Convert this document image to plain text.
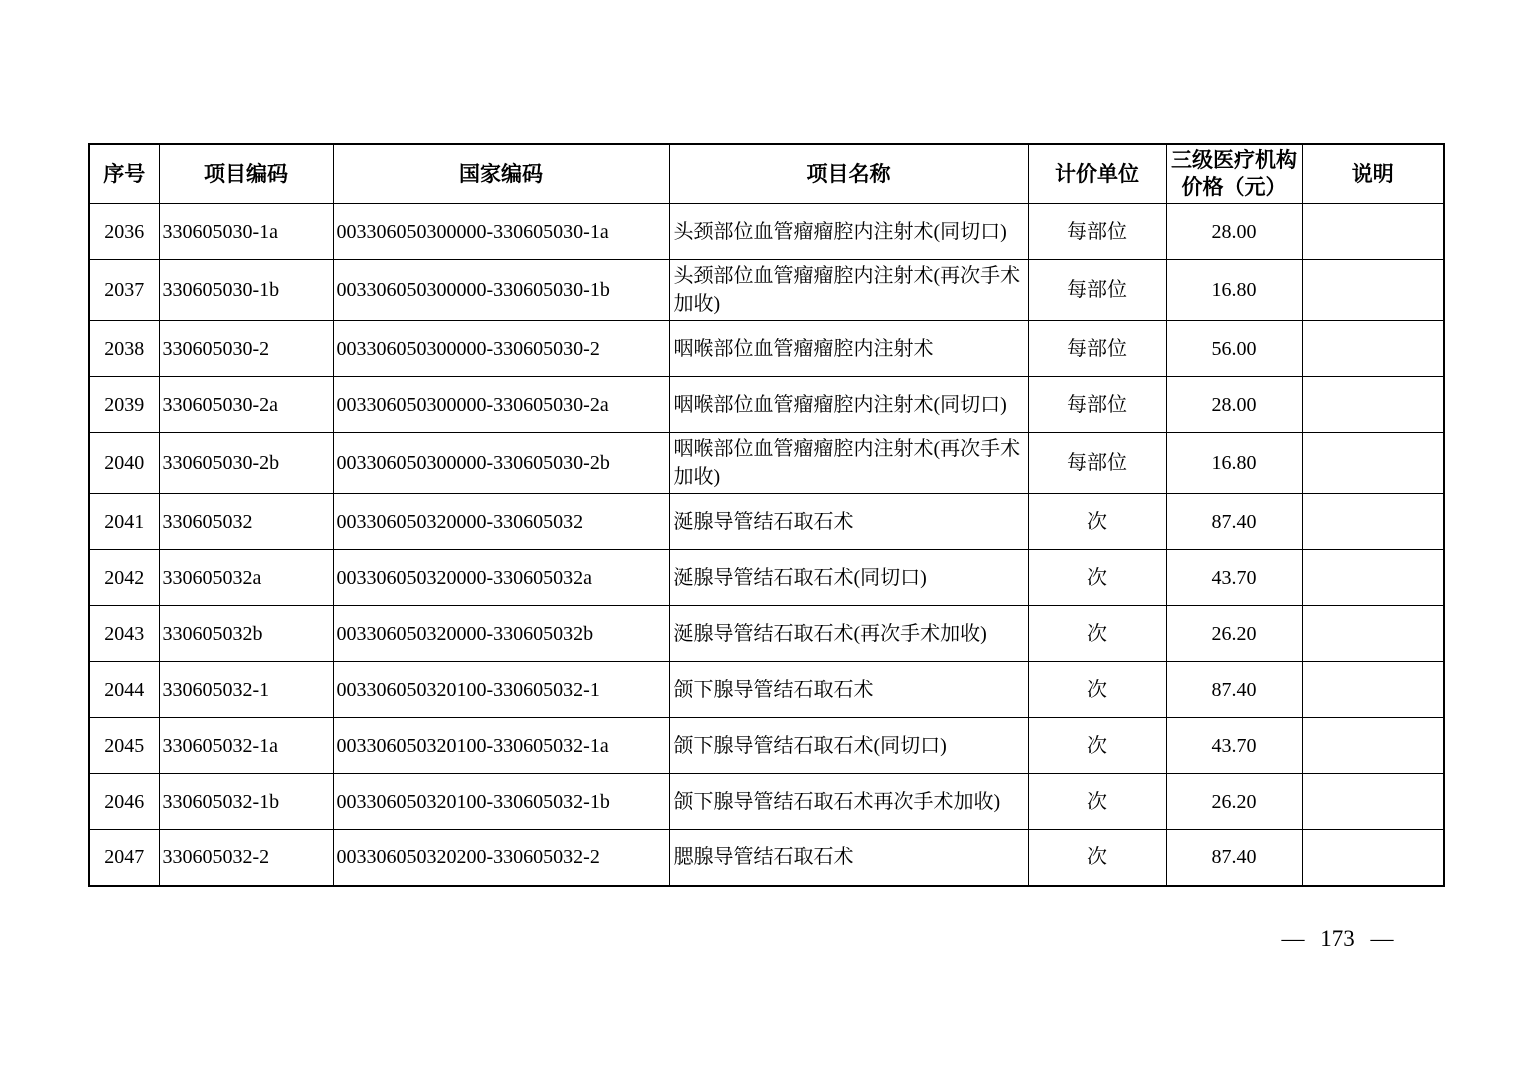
序号	项目编码	国家编码	项目名称	计价单位	三级医疗机构价格（元）	说明
2036	330605030-1a	003306050300000-330605030-1a	头颈部位血管瘤瘤腔内注射术(同切口)	每部位	28.00	
2037	330605030-1b	003306050300000-330605030-1b	头颈部位血管瘤瘤腔内注射术(再次手术加收)	每部位	16.80	
2038	330605030-2	003306050300000-330605030-2	咽喉部位血管瘤瘤腔内注射术	每部位	56.00	
2039	330605030-2a	003306050300000-330605030-2a	咽喉部位血管瘤瘤腔内注射术(同切口)	每部位	28.00	
2040	330605030-2b	003306050300000-330605030-2b	咽喉部位血管瘤瘤腔内注射术(再次手术加收)	每部位	16.80	
2041	330605032	003306050320000-330605032	涎腺导管结石取石术	次	87.40	
2042	330605032a	003306050320000-330605032a	涎腺导管结石取石术(同切口)	次	43.70	
2043	330605032b	003306050320000-330605032b	涎腺导管结石取石术(再次手术加收)	次	26.20	
2044	330605032-1	003306050320100-330605032-1	颌下腺导管结石取石术	次	87.40	
2045	330605032-1a	003306050320100-330605032-1a	颌下腺导管结石取石术(同切口)	次	43.70	
2046	330605032-1b	003306050320100-330605032-1b	颌下腺导管结石取石术再次手术加收)	次	26.20	
2047	330605032-2	003306050320200-330605032-2	腮腺导管结石取石术	次	87.40	
— 173 —
